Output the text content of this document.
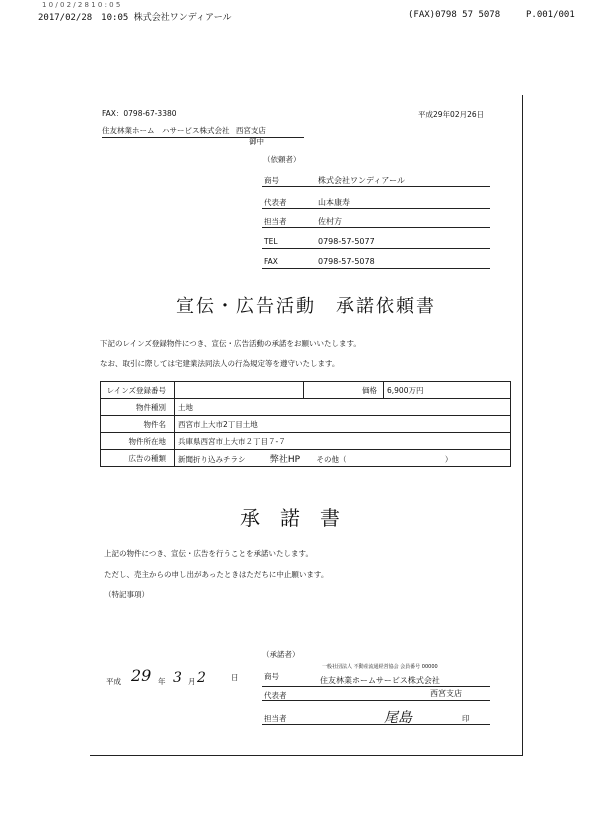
1 0 / 0 2 / 2 8 1 0 : 0 5
2017/02/28　10:05 株式会社ワンディアール	(FAX)0798 57 5078	P.001/001
FAX：0798-67-3380
住友林業ホーム　ハサービス株式会社 西宮支店
御中
平成29年02月26日
（依頼者）
商号	株式会社ワンディアール
代表者	山本康寿
担当者	佐村方
TEL	0798-57-5077
FAX	0798-57-5078
宣伝・広告活動　承諾依頼書
下記のレインズ登録物件につき、宣伝・広告活動の承諾をお願いいたします。
なお、取引に際しては宅建業法同法人の行為規定等を遵守いたします。
レインズ登録番号		価格	6,900万円
物件種別	土地		
物件名	西宮市上大市2丁目土地		
物件所在地	兵庫県西宮市上大市２丁目７-７		
広告の種類	新聞折り込みチラシ 弊社HP その他（ ）		
承　諾　書
上記の物件につき、宣伝・広告を行うことを承諾いたします。
ただし、売主からの申し出があったときはただちに中止願います。
（特記事項）
平成 29 年 3 月 2	日
（承諾者）
一般社団法人 不動産流通経営協会 会員番号 00000
商号	住友林業ホームサービス株式会社
代表者	西宮支店
担当者	尾島	印
